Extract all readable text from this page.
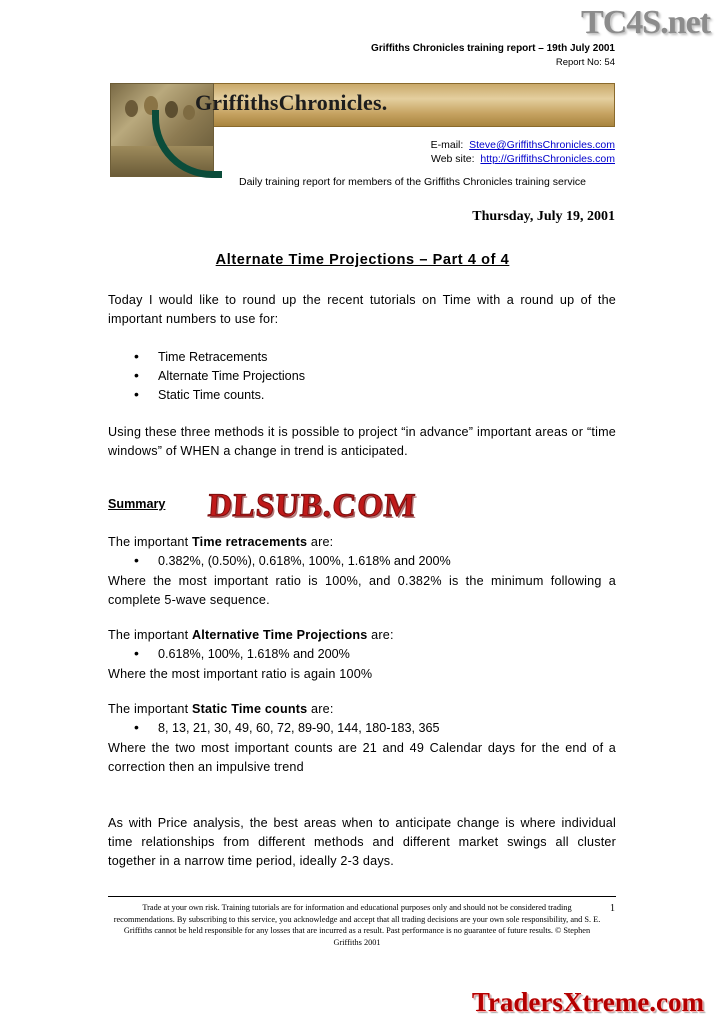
Griffiths Chronicles training report – 19th July 2001
Report No: 54
GriffithsChronicles.
E-mail: Steve@GriffithsChronicles.com
Web site: http://GriffithsChronicles.com
Daily training report for members of the Griffiths Chronicles training service
Thursday, July 19, 2001
Alternate Time Projections – Part 4 of 4
Today I would like to round up the recent tutorials on Time with a round up of the important numbers to use for:
• Time Retracements
• Alternate Time Projections
• Static Time counts.
Using these three methods it is possible to project “in advance” important areas or “time windows” of WHEN a change in trend is anticipated.
Summary
The important Time retracements are:
• 0.382%, (0.50%), 0.618%, 100%, 1.618% and 200%
Where the most important ratio is 100%, and 0.382% is the minimum following a complete 5-wave sequence.
The important Alternative Time Projections are:
• 0.618%, 100%, 1.618% and 200%
Where the most important ratio is again 100%
The important Static Time counts are:
• 8, 13, 21, 30, 49, 60, 72, 89-90, 144, 180-183, 365
Where the two most important counts are 21 and 49 Calendar days for the end of a correction then an impulsive trend
As with Price analysis, the best areas when to anticipate change is where individual time relationships from different methods and different market swings all cluster together in a narrow time period, ideally 2-3 days.
Trade at your own risk. Training tutorials are for information and educational purposes only and should not be considered trading recommendations. By subscribing to this service, you acknowledge and accept that all trading decisions are your own sole responsibility, and S. E. Griffiths cannot be held responsible for any losses that are incurred as a result. Past performance is no guarantee of future results. © Stephen Griffiths 2001
1
TC4S.net
DLSUB.COM
TradersXtreme.com
